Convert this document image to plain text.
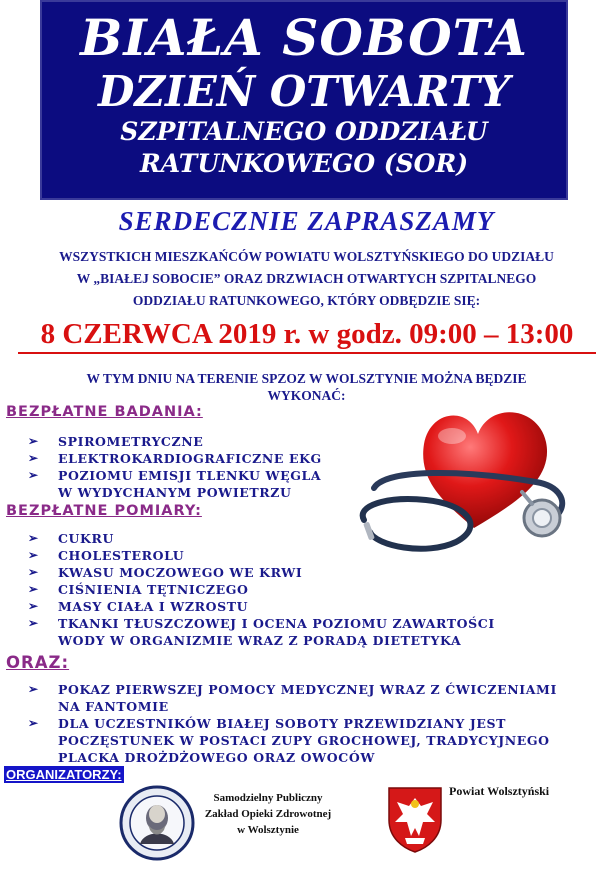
BIAŁA SOBOTA
DZIEŃ OTWARTY
SZPITALNEGO ODDZIAŁU
RATUNKOWEGO (SOR)
SERDECZNIE ZAPRASZAMY
WSZYSTKICH MIESZKAŃCÓW POWIATU WOLSZTYŃSKIEGO DO UDZIAŁU
W „BIAŁEJ SOBOCIE” ORAZ DRZWIACH OTWARTYCH SZPITALNEGO
ODDZIAŁU RATUNKOWEGO, KTÓRY ODBĘDZIE SIĘ:
8 CZERWCA 2019 r. w godz. 09:00 – 13:00
W TYM DNIU NA TERENIE SPZOZ W WOLSZTYNIE MOŻNA BĘDZIE
WYKONAĆ:
BEZPŁATNE BADANIA:
➢ SPIROMETRYCZNE
➢ ELEKTROKARDIOGRAFICZNE EKG
➢ POZIOMU EMISJI TLENKU WĘGLA
W WYDYCHANYM POWIETRZU
BEZPŁATNE POMIARY:
➢ CUKRU
➢ CHOLESTEROLU
➢ KWASU MOCZOWEGO WE KRWI
➢ CIŚNIENIA TĘTNICZEGO
➢ MASY CIAŁA I WZROSTU
➢ TKANKI TŁUSZCZOWEJ I OCENA POZIOMU ZAWARTOŚCI
WODY W ORGANIZMIE WRAZ Z PORADĄ DIETETYKA
ORAZ:
➢ POKAZ PIERWSZEJ POMOCY MEDYCZNEJ WRAZ Z ĆWICZENIAMI
NA FANTOMIE
➢ DLA UCZESTNIKÓW BIAŁEJ SOBOTY PRZEWIDZIANY JEST
POCZĘSTUNEK W POSTACI ZUPY GROCHOWEJ, TRADYCYJNEGO
PLACKA DROŻDŻOWEGO ORAZ OWOCÓW
ORGANIZATORZY:
Samodzielny Publiczny
Zakład Opieki Zdrowotnej
w Wolsztynie
Powiat Wolsztyński
